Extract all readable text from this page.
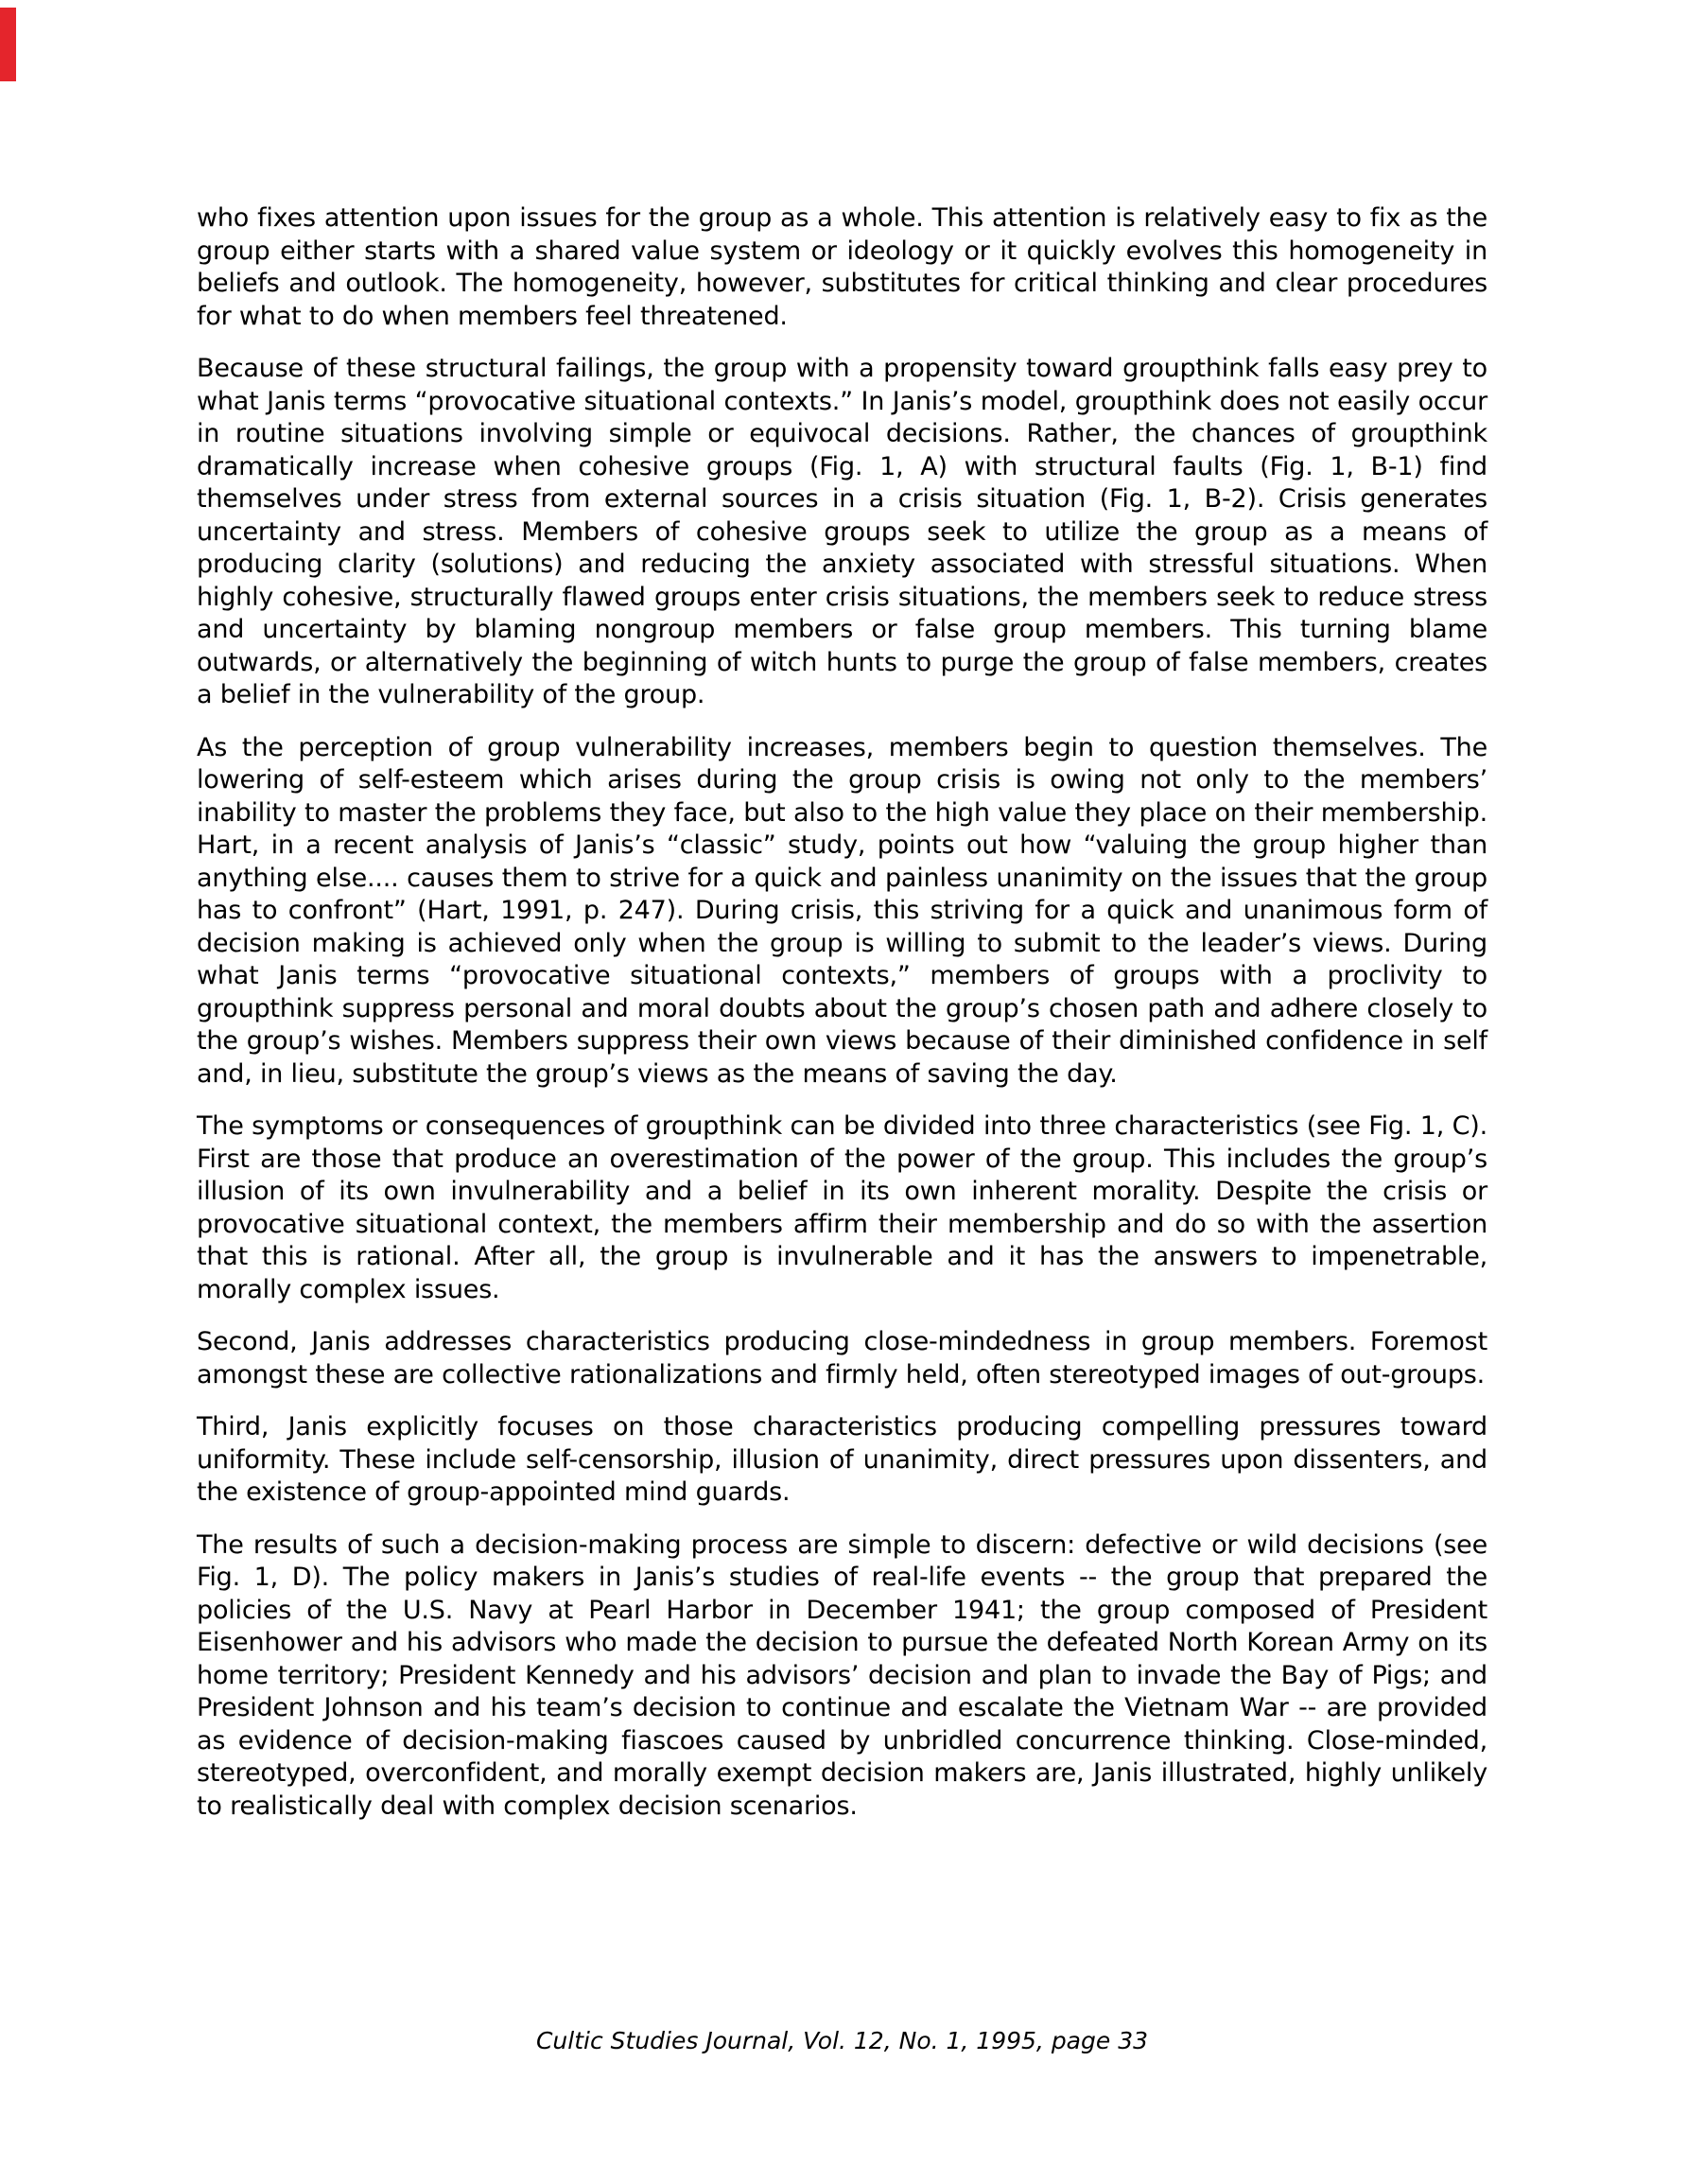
who fixes attention upon issues for the group as a whole. This attention is relatively easy to fix as the group either starts with a shared value system or ideology or it quickly evolves this homogeneity in beliefs and outlook. The homogeneity, however, substitutes for critical thinking and clear procedures for what to do when members feel threatened.

Because of these structural failings, the group with a propensity toward groupthink falls easy prey to what Janis terms “provocative situational contexts.” In Janis’s model, groupthink does not easily occur in routine situations involving simple or equivocal decisions. Rather, the chances of groupthink dramatically increase when cohesive groups (Fig. 1, A) with structural faults (Fig. 1, B-1) find themselves under stress from external sources in a crisis situation (Fig. 1, B-2). Crisis generates uncertainty and stress. Members of cohesive groups seek to utilize the group as a means of producing clarity (solutions) and reducing the anxiety associated with stressful situations. When highly cohesive, structurally flawed groups enter crisis situations, the members seek to reduce stress and uncertainty by blaming nongroup members or false group members. This turning blame outwards, or alternatively the beginning of witch hunts to purge the group of false members, creates a belief in the vulnerability of the group.

As the perception of group vulnerability increases, members begin to question themselves. The lowering of self-esteem which arises during the group crisis is owing not only to the members’ inability to master the problems they face, but also to the high value they place on their membership. Hart, in a recent analysis of Janis’s “classic” study, points out how “valuing the group higher than anything else.... causes them to strive for a quick and painless unanimity on the issues that the group has to confront” (Hart, 1991, p. 247). During crisis, this striving for a quick and unanimous form of decision making is achieved only when the group is willing to submit to the leader’s views. During what Janis terms “provocative situational contexts,” members of groups with a proclivity to groupthink suppress personal and moral doubts about the group’s chosen path and adhere closely to the group’s wishes. Members suppress their own views because of their diminished confidence in self and, in lieu, substitute the group’s views as the means of saving the day.

The symptoms or consequences of groupthink can be divided into three characteristics (see Fig. 1, C). First are those that produce an overestimation of the power of the group. This includes the group’s illusion of its own invulnerability and a belief in its own inherent morality. Despite the crisis or provocative situational context, the members affirm their membership and do so with the assertion that this is rational. After all, the group is invulnerable and it has the answers to impenetrable, morally complex issues.

Second, Janis addresses characteristics producing close-mindedness in group members. Foremost amongst these are collective rationalizations and firmly held, often stereotyped images of out-groups.

Third, Janis explicitly focuses on those characteristics producing compelling pressures toward uniformity. These include self-censorship, illusion of unanimity, direct pressures upon dissenters, and the existence of group-appointed mind guards.

The results of such a decision-making process are simple to discern: defective or wild decisions (see Fig. 1, D). The policy makers in Janis’s studies of real-life events -- the group that prepared the policies of the U.S. Navy at Pearl Harbor in December 1941; the group composed of President Eisenhower and his advisors who made the decision to pursue the defeated North Korean Army on its home territory; President Kennedy and his advisors’ decision and plan to invade the Bay of Pigs; and President Johnson and his team’s decision to continue and escalate the Vietnam War -- are provided as evidence of decision-making fiascoes caused by unbridled concurrence thinking. Close-minded, stereotyped, overconfident, and morally exempt decision makers are, Janis illustrated, highly unlikely to realistically deal with complex decision scenarios.

Cultic Studies Journal, Vol. 12, No. 1, 1995, page 33
